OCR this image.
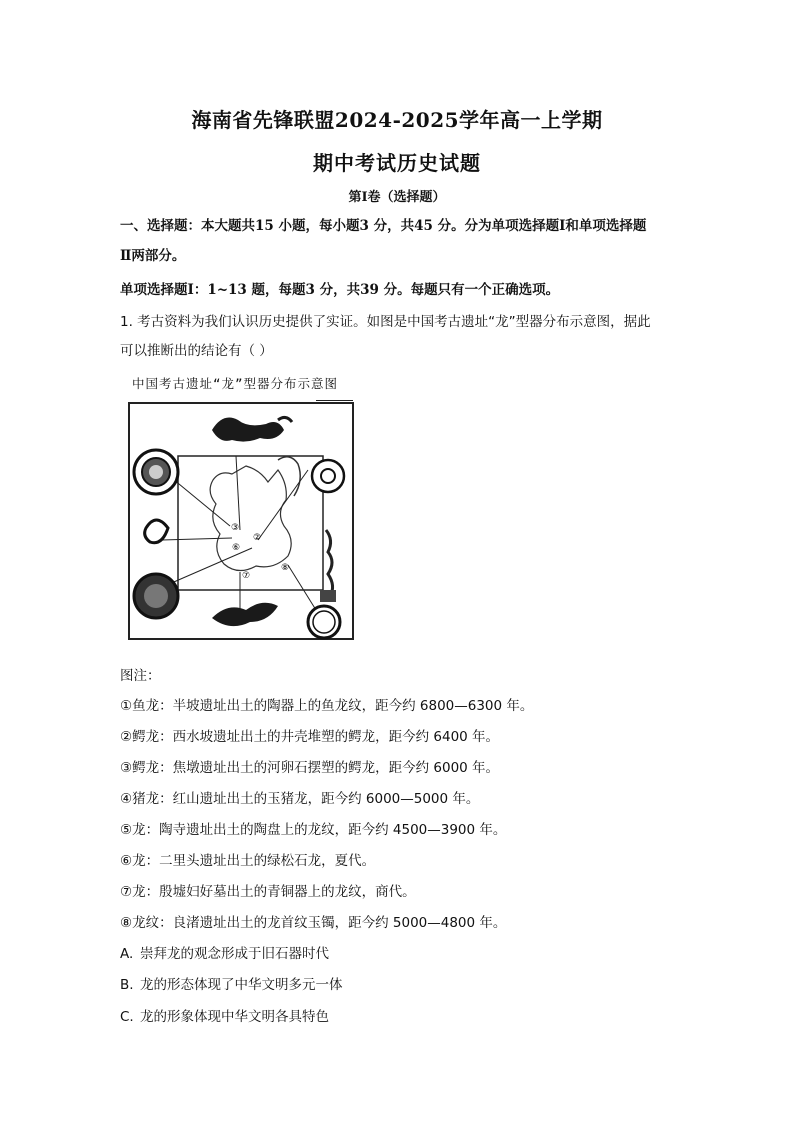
海南省先锋联盟2024-2025学年高一上学期
期中考试历史试题
第Ⅰ卷（选择题）
一、选择题：本大题共15 小题，每小题3 分，共45 分。分为单项选择题Ⅰ和单项选择题
Ⅱ两部分。
单项选择题Ⅰ：1~13 题，每题3 分，共39 分。每题只有一个正确选项。
1. 考古资料为我们认识历史提供了实证。如图是中国考古遗址“龙”型器分布示意图，据此
可以推断出的结论有（ ）
中国考古遗址“龙”型器分布示意图
③
②
⑥
⑦
⑧
图注：
①鱼龙：半坡遗址出土的陶器上的鱼龙纹，距今约 6800—6300 年。
②鳄龙：西水坡遗址出土的井壳堆塑的鳄龙，距今约 6400 年。
③鳄龙：焦墩遗址出土的河卵石摆塑的鳄龙，距今约 6000 年。
④猪龙：红山遗址出土的玉猪龙，距今约 6000—5000 年。
⑤龙：陶寺遗址出土的陶盘上的龙纹，距今约 4500—3900 年。
⑥龙：二里头遗址出土的绿松石龙，夏代。
⑦龙：殷墟妇好墓出土的青铜器上的龙纹，商代。
⑧龙纹：良渚遗址出土的龙首纹玉镯，距今约 5000—4800 年。
A. 崇拜龙的观念形成于旧石器时代
B. 龙的形态体现了中华文明多元一体
C. 龙的形象体现中华文明各具特色
